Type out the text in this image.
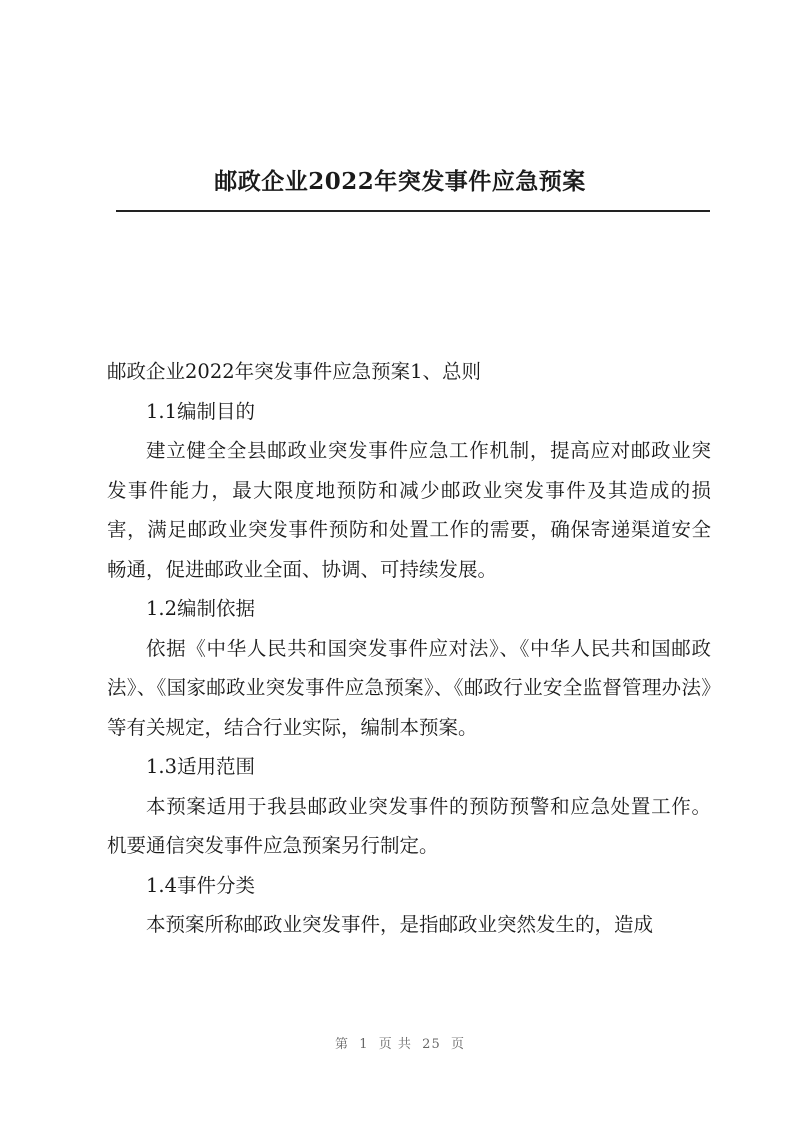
邮政企业2022年突发事件应急预案

邮政企业2022年突发事件应急预案1、总则

1.1编制目的

建立健全全县邮政业突发事件应急工作机制，提高应对邮政业突发事件能力，最大限度地预防和减少邮政业突发事件及其造成的损害，满足邮政业突发事件预防和处置工作的需要，确保寄递渠道安全畅通，促进邮政业全面、协调、可持续发展。

1.2编制依据

依据《中华人民共和国突发事件应对法》、《中华人民共和国邮政法》、《国家邮政业突发事件应急预案》、《邮政行业安全监督管理办法》等有关规定，结合行业实际，编制本预案。

1.3适用范围

本预案适用于我县邮政业突发事件的预防预警和应急处置工作。机要通信突发事件应急预案另行制定。

1.4事件分类

本预案所称邮政业突发事件，是指邮政业突然发生的，造成

第  1  页 共  25  页
